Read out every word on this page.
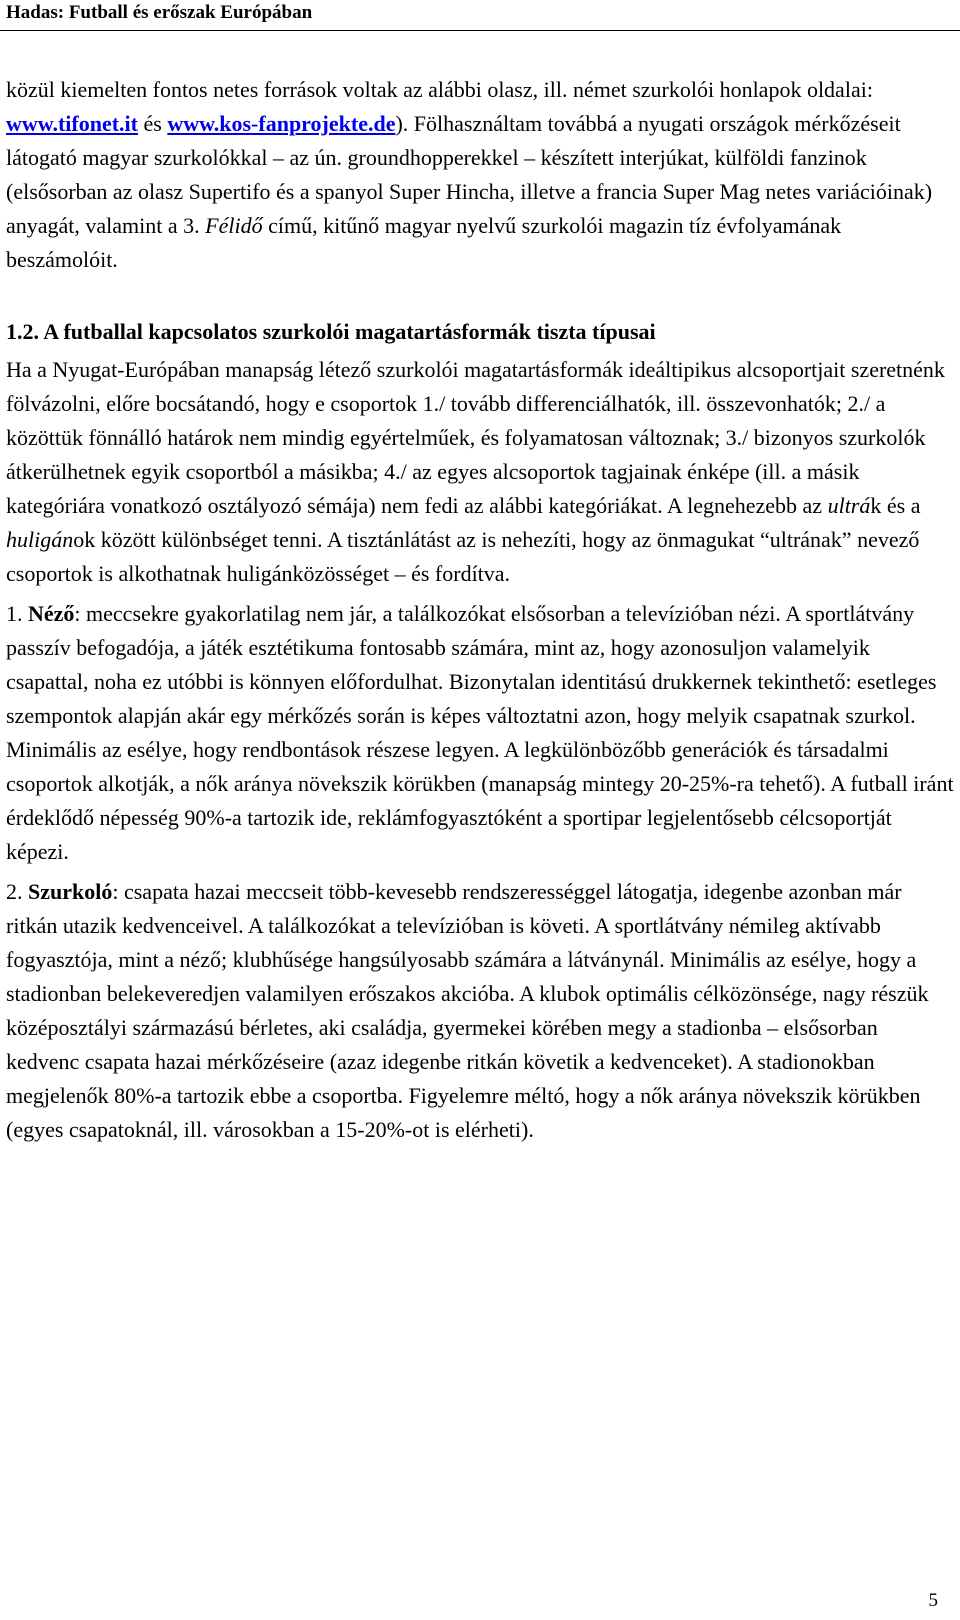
Hadas: Futball és erőszak Európában

közül kiemelten fontos netes források voltak az alábbi olasz, ill. német szurkolói honlapok oldalai: www.tifonet.it és www.kos-fanprojekte.de). Fölhasználtam továbbá a nyugati országok mérkőzéseit látogató magyar szurkolókkal – az ún. groundhopperekkel – készített interjúkat, külföldi fanzinok (elsősorban az olasz Supertifo és a spanyol Super Hincha, illetve a francia Super Mag netes variációinak) anyagát, valamint a 3. Félidő című, kitűnő magyar nyelvű szurkolói magazin tíz évfolyamának beszámolóit.

1.2. A futballal kapcsolatos szurkolói magatartásformák tiszta típusai

Ha a Nyugat-Európában manapság létező szurkolói magatartásformák ideáltipikus alcsoportjait szeretnénk fölvázolni, előre bocsátandó, hogy e csoportok 1./ tovább differenciálhatók, ill. összevonhatók; 2./ a közöttük fönnálló határok nem mindig egyértelműek, és folyamatosan változnak; 3./ bizonyos szurkolók átkerülhetnek egyik csoportból a másikba; 4./ az egyes alcsoportok tagjainak énképe (ill. a másik kategóriára vonatkozó osztályozó sémája) nem fedi az alábbi kategóriákat. A legnehezebb az ultrák és a huligánok között különbséget tenni. A tisztánlátást az is nehezíti, hogy az önmagukat “ultrának” nevező csoportok is alkothatnak huligánközösséget – és fordítva.

1. Néző: meccsekre gyakorlatilag nem jár, a találkozókat elsősorban a televízióban nézi. A sportlátvány passzív befogadója, a játék esztétikuma fontosabb számára, mint az, hogy azonosuljon valamelyik csapattal, noha ez utóbbi is könnyen előfordulhat. Bizonytalan identitású drukkernek tekinthető: esetleges szempontok alapján akár egy mérkőzés során is képes változtatni azon, hogy melyik csapatnak szurkol. Minimális az esélye, hogy rendbontások részese legyen. A legkülönbözőbb generációk és társadalmi csoportok alkotják, a nők aránya növekszik körükben (manapság mintegy 20-25%-ra tehető). A futball iránt érdeklődő népesség 90%-a tartozik ide, reklámfogyasztóként a sportipar legjelentősebb célcsoportját képezi.

2. Szurkoló: csapata hazai meccseit több-kevesebb rendszerességgel látogatja, idegenbe azonban már ritkán utazik kedvenceivel. A találkozókat a televízióban is követi. A sportlátvány némileg aktívabb fogyasztója, mint a néző; klubhűsége hangsúlyosabb számára a látványnál. Minimális az esélye, hogy a stadionban belekeveredjen valamilyen erőszakos akcióba. A klubok optimális célközönsége, nagy részük középosztályi származású bérletes, aki családja, gyermekei körében megy a stadionba – elsősorban kedvenc csapata hazai mérkőzéseire (azaz idegenbe ritkán követik a kedvenceket). A stadionokban megjelenők 80%-a tartozik ebbe a csoportba. Figyelemre méltó, hogy a nők aránya növekszik körükben (egyes csapatoknál, ill. városokban a 15-20%-ot is elérheti).

5
